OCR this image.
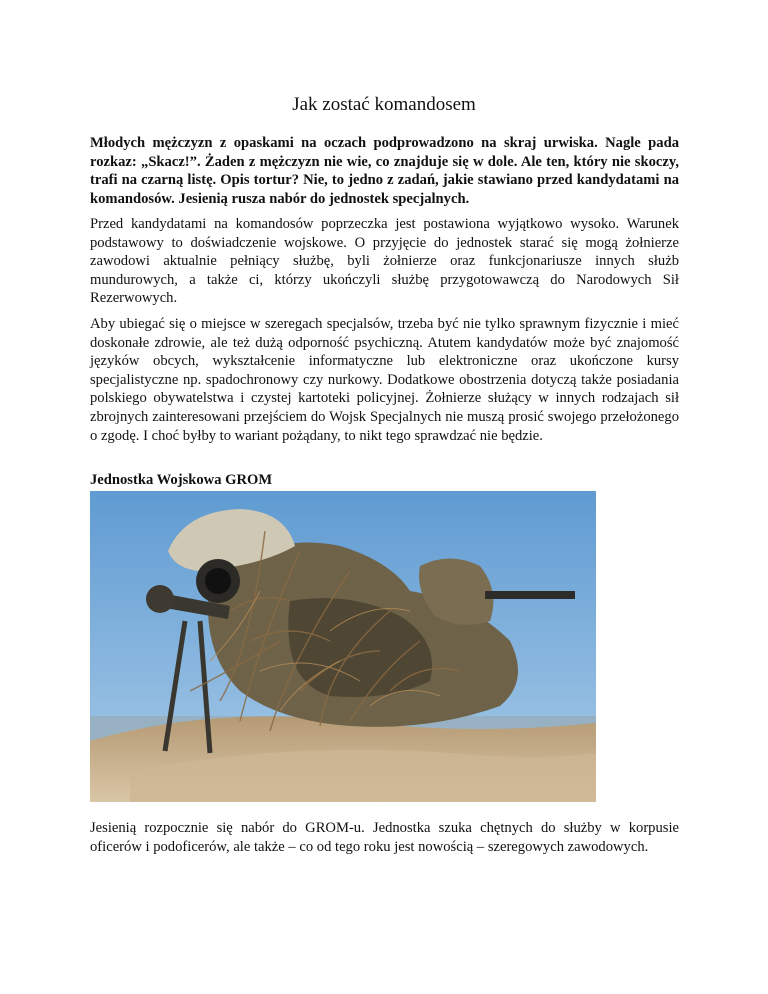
Jak zostać komandosem

Młodych mężczyzn z opaskami na oczach podprowadzono na skraj urwiska. Nagle pada rozkaz: „Skacz!”. Żaden z mężczyzn nie wie, co znajduje się w dole. Ale ten, który nie skoczy, trafi na czarną listę. Opis tortur? Nie, to jedno z zadań, jakie stawiano przed kandydatami na komandosów. Jesienią rusza nabór do jednostek specjalnych.

Przed kandydatami na komandosów poprzeczka jest postawiona wyjątkowo wysoko. Warunek podstawowy to doświadczenie wojskowe. O przyjęcie do jednostek starać się mogą żołnierze zawodowi aktualnie pełniący służbę, byli żołnierze oraz funkcjonariusze innych służb mundurowych, a także ci, którzy ukończyli służbę przygotowawczą do Narodowych Sił Rezerwowych.

Aby ubiegać się o miejsce w szeregach specjalsów, trzeba być nie tylko sprawnym fizycznie i mieć doskonałe zdrowie, ale też dużą odporność psychiczną. Atutem kandydatów może być znajomość języków obcych, wykształcenie informatyczne lub elektroniczne oraz ukończone kursy specjalistyczne np. spadochronowy czy nurkowy. Dodatkowe obostrzenia dotyczą także posiadania polskiego obywatelstwa i czystej kartoteki policyjnej. Żołnierze służący w innych rodzajach sił zbrojnych zainteresowani przejściem do Wojsk Specjalnych nie muszą prosić swojego przełożonego o zgodę. I choć byłby to wariant pożądany, to nikt tego sprawdzać nie będzie.

Jednostka Wojskowa GROM

Jesienią rozpocznie się nabór do GROM-u. Jednostka szuka chętnych do służby w korpusie oficerów i podoficerów, ale także – co od tego roku jest nowością – szeregowych zawodowych.
